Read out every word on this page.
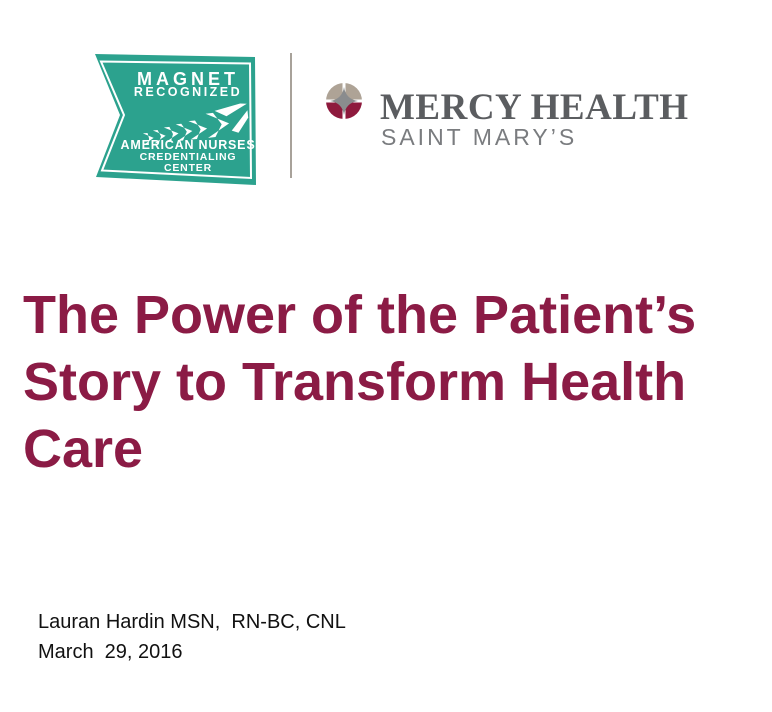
MAGNET
RECOGNIZED
AMERICAN NURSES
CREDENTIALING CENTER
MERCY HEALTH
SAINT MARY’S
The Power of the Patient’s
Story to Transform Health
Care
Lauran Hardin MSN,  RN-BC, CNL
March  29, 2016
